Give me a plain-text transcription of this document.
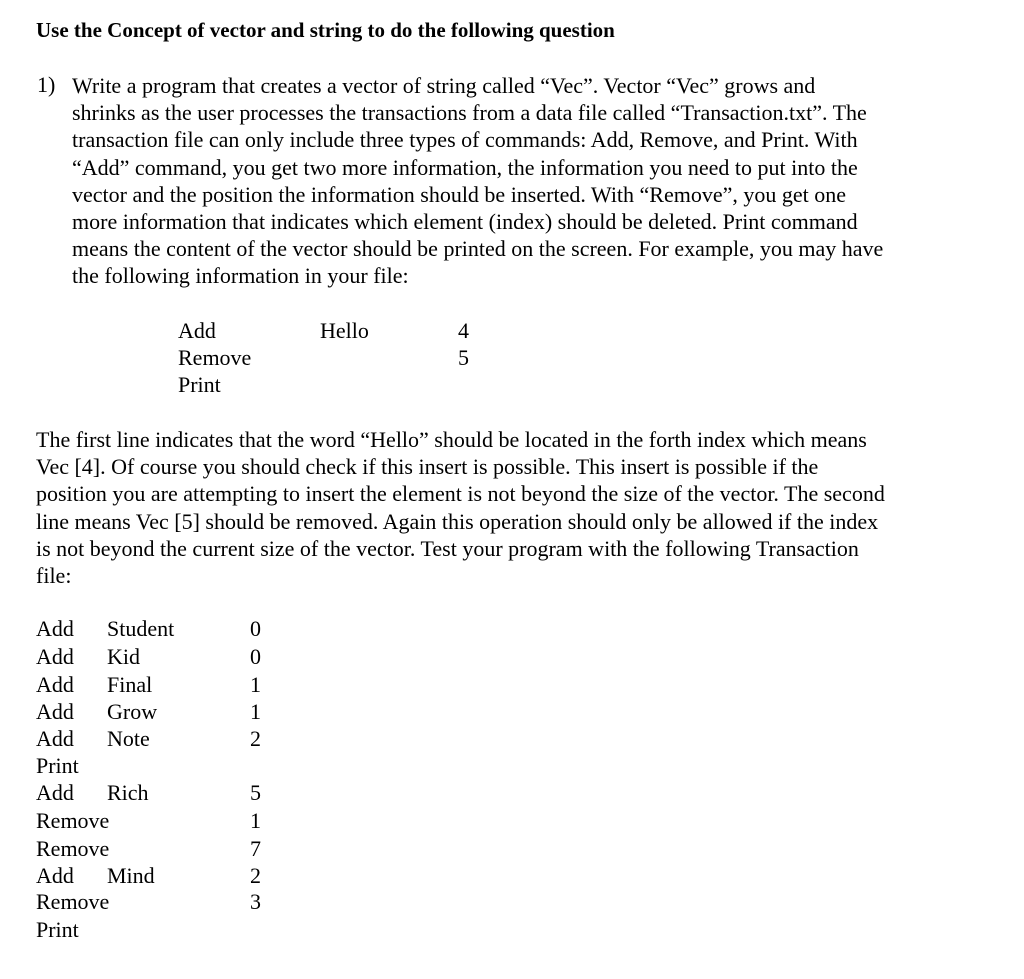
Use the Concept of vector and string to do the following question
1) Write a program that creates a vector of string called “Vec”. Vector “Vec” grows and
shrinks as the user processes the transactions from a data file called “Transaction.txt”. The
transaction file can only include three types of commands: Add, Remove, and Print. With
“Add” command, you get two more information, the information you need to put into the
vector and the position the information should be inserted. With “Remove”, you get one
more information that indicates which element (index) should be deleted. Print command
means the content of the vector should be printed on the screen. For example, you may have
the following information in your file:
Add	Hello	4
Remove	5
Print
The first line indicates that the word “Hello” should be located in the forth index which means
Vec [4]. Of course you should check if this insert is possible. This insert is possible if the
position you are attempting to insert the element is not beyond the size of the vector. The second
line means Vec [5] should be removed. Again this operation should only be allowed if the index
is not beyond the current size of the vector. Test your program with the following Transaction
file:
Add Student	0
Add Kid	0
Add Final	1
Add Grow	1
Add Note	2
Print
Add Rich	5
Remove	1
Remove	7
Add Mind	2
Remove	3
Print
